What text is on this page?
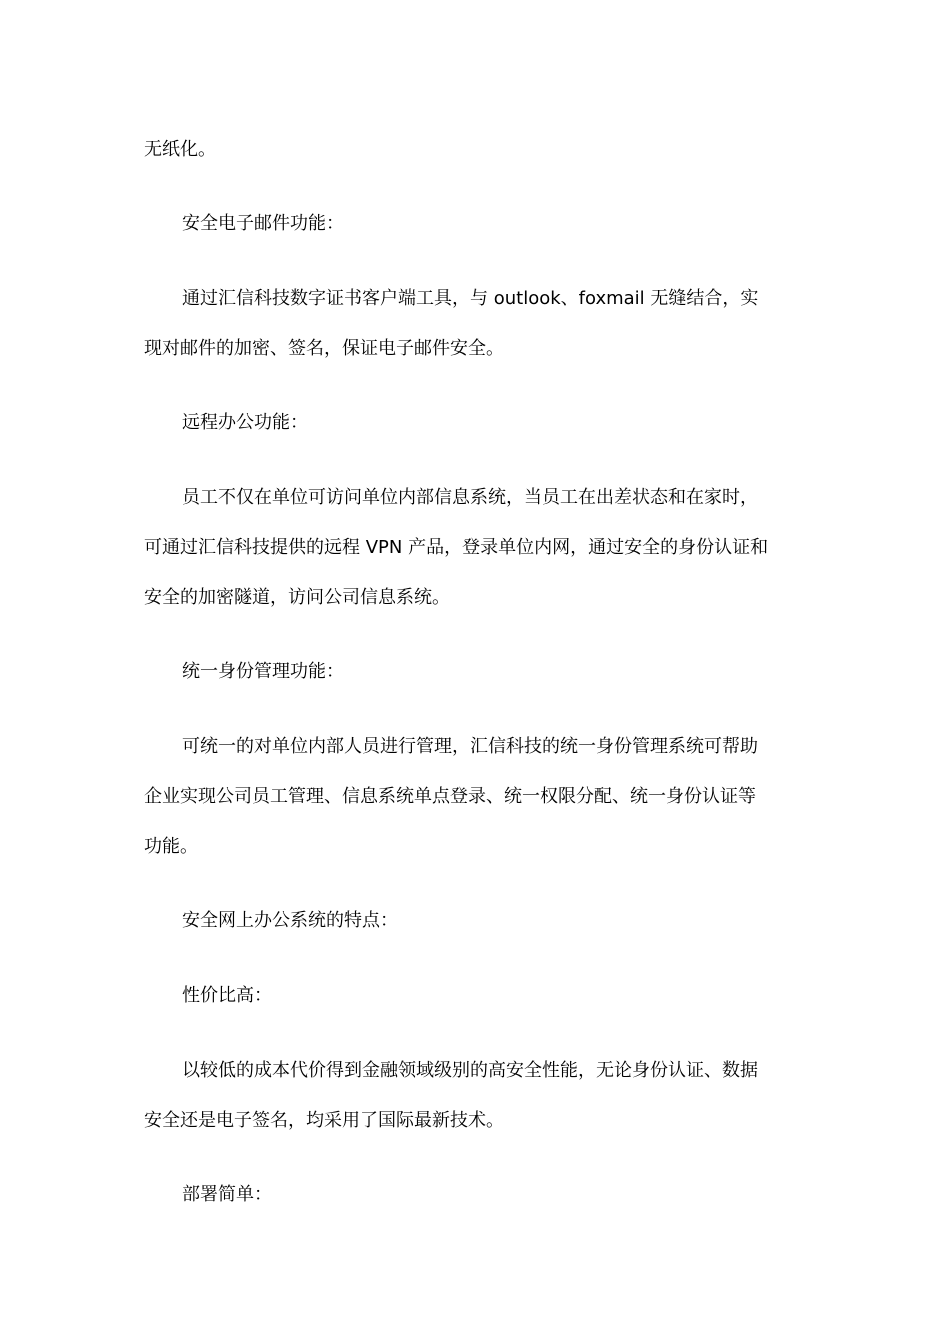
无纸化。

安全电子邮件功能：

通过汇信科技数字证书客户端工具，与 outlook、foxmail 无缝结合，实
现对邮件的加密、签名，保证电子邮件安全。

远程办公功能：

员工不仅在单位可访问单位内部信息系统，当员工在出差状态和在家时，
可通过汇信科技提供的远程 VPN 产品，登录单位内网，通过安全的身份认证和
安全的加密隧道，访问公司信息系统。

统一身份管理功能：

可统一的对单位内部人员进行管理，汇信科技的统一身份管理系统可帮助
企业实现公司员工管理、信息系统单点登录、统一权限分配、统一身份认证等
功能。

安全网上办公系统的特点：

性价比高：

以较低的成本代价得到金融领域级别的高安全性能，无论身份认证、数据
安全还是电子签名，均采用了国际最新技术。

部署简单：
